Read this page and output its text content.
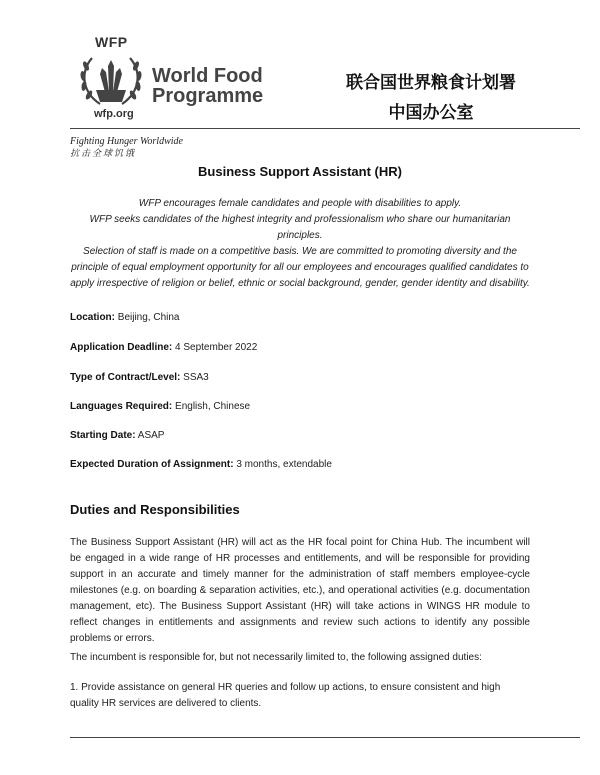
WFP
World Food
Programme
wfp.org
联合国世界粮食计划署
中国办公室
Fighting Hunger Worldwide
抗击全球饥饿
Business Support Assistant (HR)

WFP encourages female candidates and people with disabilities to apply.

WFP seeks candidates of the highest integrity and professionalism who share our humanitarian principles.

Selection of staff is made on a competitive basis. We are committed to promoting diversity and the principle of equal employment opportunity for all our employees and encourages qualified candidates to apply irrespective of religion or belief, ethnic or social background, gender, gender identity and disability.

Location: Beijing, China
Application Deadline: 4 September 2022
Type of Contract/Level: SSA3
Languages Required: English, Chinese
Starting Date: ASAP
Expected Duration of Assignment: 3 months, extendable
Duties and Responsibilities
The Business Support Assistant (HR) will act as the HR focal point for China Hub. The incumbent will be engaged in a wide range of HR processes and entitlements, and will be responsible for providing support in an accurate and timely manner for the administration of staff members employee-cycle milestones (e.g. on boarding & separation activities, etc.), and operational activities (e.g. documentation management, etc). The Business Support Assistant (HR) will take actions in WINGS HR module to reflect changes in entitlements and assignments and review such actions to identify any possible problems or errors.
The incumbent is responsible for, but not necessarily limited to, the following assigned duties:
1. Provide assistance on general HR queries and follow up actions, to ensure consistent and high quality HR services are delivered to clients.
